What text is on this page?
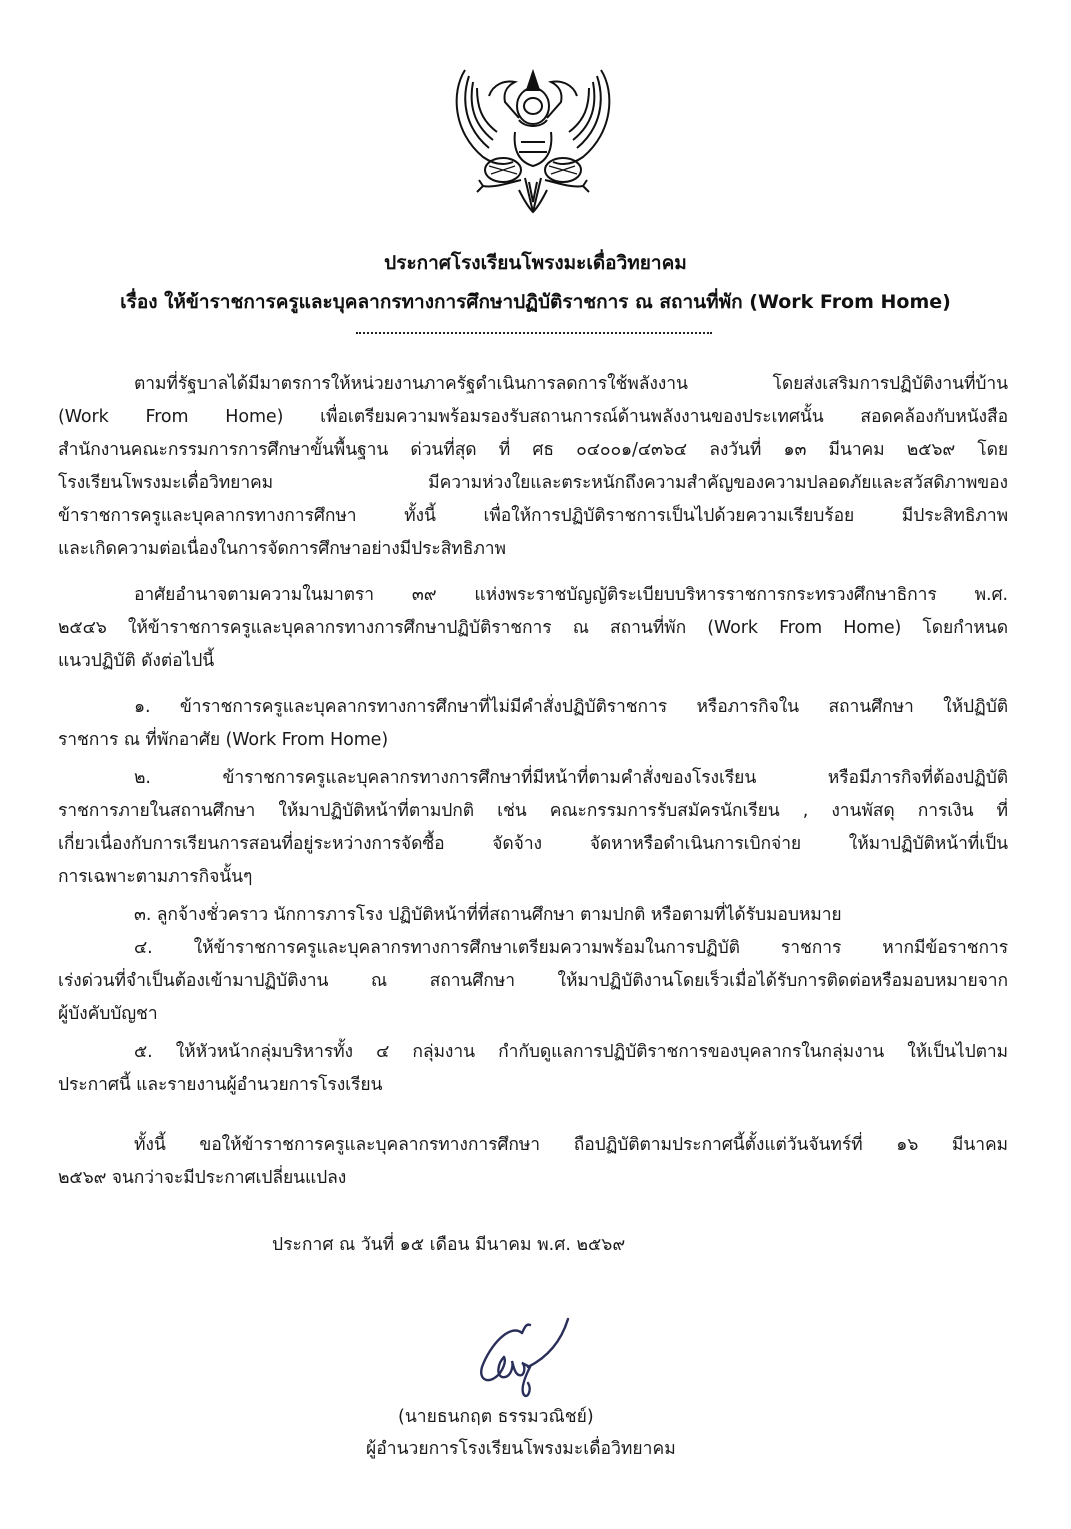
ประกาศโรงเรียนโพรงมะเดื่อวิทยาคม
เรื่อง ให้ข้าราชการครูและบุคลากรทางการศึกษาปฏิบัติราชการ ณ สถานที่พัก (Work From Home)
ตามที่รัฐบาลได้มีมาตรการให้หน่วยงานภาครัฐดำเนินการลดการใช้พลังงาน โดยส่งเสริมการปฏิบัติงานที่บ้าน
(Work From Home) เพื่อเตรียมความพร้อมรองรับสถานการณ์ด้านพลังงานของประเทศนั้น สอดคล้องกับหนังสือ
สำนักงานคณะกรรมการการศึกษาขั้นพื้นฐาน ด่วนที่สุด ที่ ศธ ๐๔๐๐๑/๔๓๖๔ ลงวันที่ ๑๓ มีนาคม ๒๕๖๙ โดย
โรงเรียนโพรงมะเดื่อวิทยาคม มีความห่วงใยและตระหนักถึงความสำคัญของความปลอดภัยและสวัสดิภาพของ
ข้าราชการครูและบุคลากรทางการศึกษา ทั้งนี้ เพื่อให้การปฏิบัติราชการเป็นไปด้วยความเรียบร้อย มีประสิทธิภาพ
และเกิดความต่อเนื่องในการจัดการศึกษาอย่างมีประสิทธิภาพ
อาศัยอำนาจตามความในมาตรา ๓๙ แห่งพระราชบัญญัติระเบียบบริหารราชการกระทรวงศึกษาธิการ พ.ศ.
๒๕๔๖ ให้ข้าราชการครูและบุคลากรทางการศึกษาปฏิบัติราชการ ณ สถานที่พัก (Work From Home) โดยกำหนด
แนวปฏิบัติ ดังต่อไปนี้
๑. ข้าราชการครูและบุคลากรทางการศึกษาที่ไม่มีคำสั่งปฏิบัติราชการ หรือภารกิจใน สถานศึกษา ให้ปฏิบัติ
ราชการ ณ ที่พักอาศัย (Work From Home)
๒. ข้าราชการครูและบุคลากรทางการศึกษาที่มีหน้าที่ตามคำสั่งของโรงเรียน หรือมีภารกิจที่ต้องปฏิบัติ
ราชการภายในสถานศึกษา ให้มาปฏิบัติหน้าที่ตามปกติ เช่น คณะกรรมการรับสมัครนักเรียน , งานพัสดุ การเงิน ที่
เกี่ยวเนื่องกับการเรียนการสอนที่อยู่ระหว่างการจัดซื้อ จัดจ้าง จัดหาหรือดำเนินการเบิกจ่าย ให้มาปฏิบัติหน้าที่เป็น
การเฉพาะตามภารกิจนั้นๆ
๓. ลูกจ้างชั่วคราว นักการภารโรง ปฏิบัติหน้าที่ที่สถานศึกษา ตามปกติ หรือตามที่ได้รับมอบหมาย
๔. ให้ข้าราชการครูและบุคลากรทางการศึกษาเตรียมความพร้อมในการปฏิบัติ ราชการ หากมีข้อราชการ
เร่งด่วนที่จำเป็นต้องเข้ามาปฏิบัติงาน ณ สถานศึกษา ให้มาปฏิบัติงานโดยเร็วเมื่อได้รับการติดต่อหรือมอบหมายจาก
ผู้บังคับบัญชา
๕. ให้หัวหน้ากลุ่มบริหารทั้ง ๔ กลุ่มงาน กำกับดูแลการปฏิบัติราชการของบุคลากรในกลุ่มงาน ให้เป็นไปตาม
ประกาศนี้ และรายงานผู้อำนวยการโรงเรียน
ทั้งนี้ ขอให้ข้าราชการครูและบุคลากรทางการศึกษา ถือปฏิบัติตามประกาศนี้ตั้งแต่วันจันทร์ที่ ๑๖ มีนาคม
๒๕๖๙ จนกว่าจะมีประกาศเปลี่ยนแปลง
ประกาศ ณ วันที่ ๑๕ เดือน มีนาคม พ.ศ. ๒๕๖๙
(นายธนกฤต ธรรมวณิชย์)
ผู้อำนวยการโรงเรียนโพรงมะเดื่อวิทยาคม
